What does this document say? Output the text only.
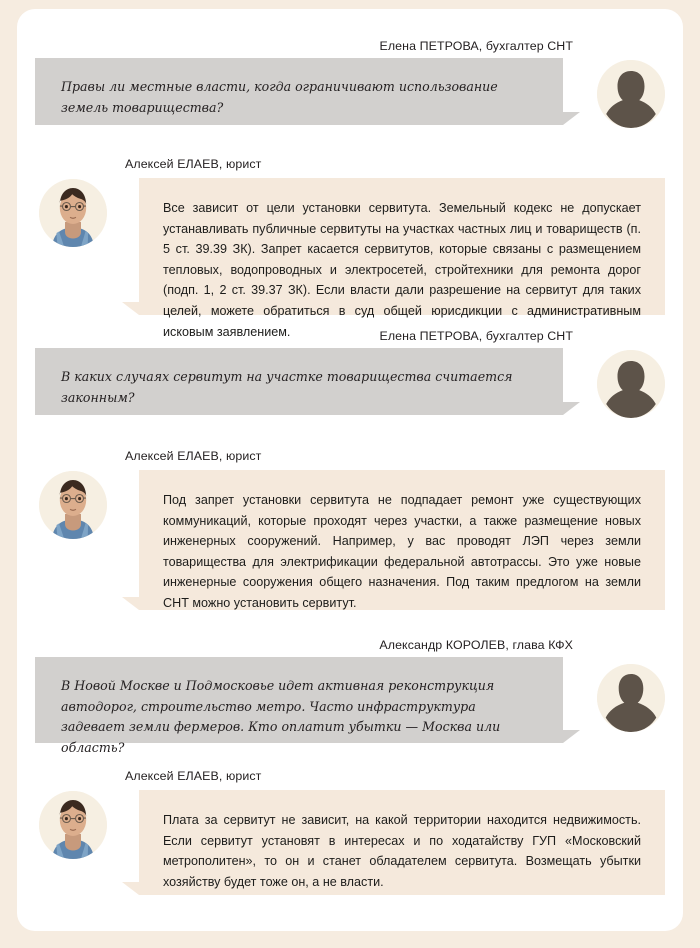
Елена ПЕТРОВА, бухгалтер СНТ

Правы ли местные власти, когда ограничивают использование земель товарищества?

Алексей ЕЛАЕВ, юрист

Все зависит от цели установки сервитута. Земельный кодекс не допускает устанавливать публичные сервитуты на участках частных лиц и товариществ (п. 5 ст. 39.39 ЗК). Запрет касается сервитутов, которые связаны с размещением тепловых, водопроводных и электросетей, стройтехники для ремонта дорог (подп. 1, 2 ст. 39.37 ЗК). Если власти дали разрешение на сервитут для таких целей, можете обратиться в суд общей юрисдикции с административным исковым заявлением.	Елена ПЕТРОВА, бухгалтер СНТ

В каких случаях сервитут на участке товарищества считается законным?

Алексей ЕЛАЕВ, юрист

Под запрет установки сервитута не подпадает ремонт уже существующих коммуникаций, которые проходят через участки, а также размещение новых инженерных сооружений. Например, у вас проводят ЛЭП через земли товарищества для электрификации федеральной автотрассы. Это уже новые инженерные сооружения общего назначения. Под таким предлогом на земли СНТ можно установить сервитут.

Александр КОРОЛЕВ, глава КФХ

В Новой Москве и Подмосковье идет активная реконструкция автодорог, строительство метро. Часто инфраструктура задевает земли фермеров. Кто оплатит убытки — Москва или область?

Алексей ЕЛАЕВ, юрист

Плата за сервитут не зависит, на какой территории находится недвижимость. Если сервитут установят в интересах и по ходатайству ГУП «Московский метрополитен», то он и станет обладателем сервитута. Возмещать убытки хозяйству будет тоже он, а не власти.
